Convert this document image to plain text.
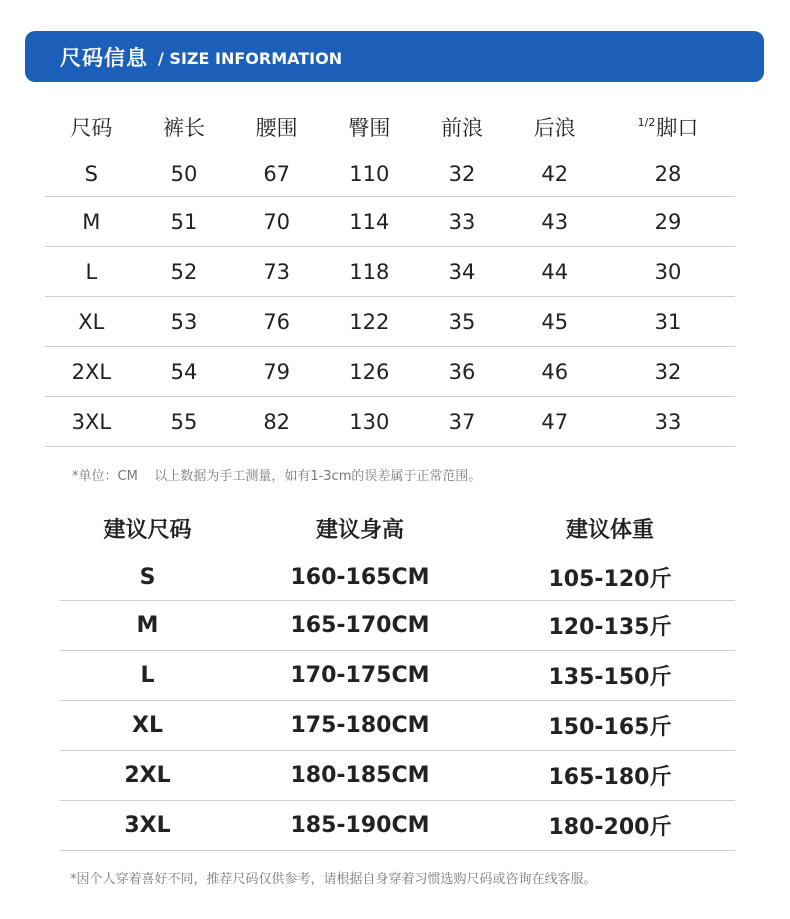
尺码信息 / SIZE INFORMATION
尺码	裤长	腰围	臀围	前浪	后浪	$^{1/2}$脚口
S	50	67	110	32	42	28
M	51	70	114	33	43	29
L	52	73	118	34	44	30
XL	53	76	122	35	45	31
2XL	54	79	126	36	46	32
3XL	55	82	130	37	47	33
*单位：CM    以上数据为手工测量，如有1-3cm的误差属于正常范围。
建议尺码	建议身高	建议体重
S	160-165CM	105-120斤
M	165-170CM	120-135斤
L	170-175CM	135-150斤
XL	175-180CM	150-165斤
2XL	180-185CM	165-180斤
3XL	185-190CM	180-200斤
*因个人穿着喜好不同，推荐尺码仅供参考，请根据自身穿着习惯选购尺码或咨询在线客服。
